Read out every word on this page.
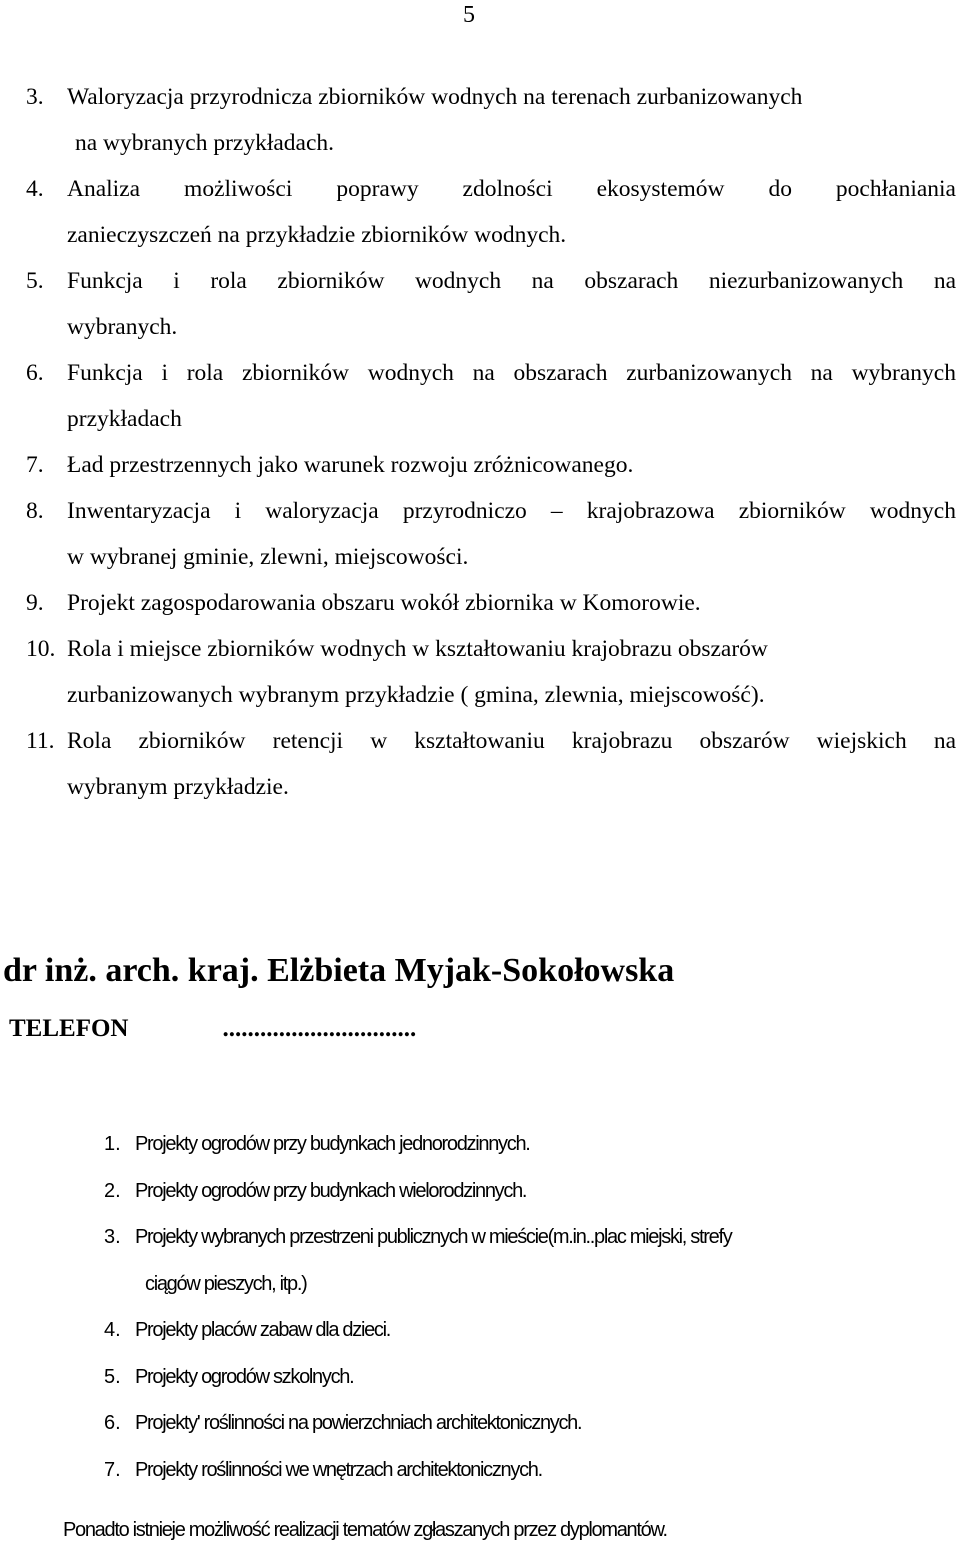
5
3. Waloryzacja przyrodnicza zbiorników wodnych na terenach zurbanizowanych
na wybranych przykładach.
4. Analiza możliwości poprawy zdolności ekosystemów do pochłaniania
zanieczyszczeń na przykładzie zbiorników wodnych.
5. Funkcja i rola zbiorników wodnych na obszarach niezurbanizowanych na
wybranych.
6. Funkcja i rola zbiorników wodnych na obszarach zurbanizowanych na wybranych
przykładach
7. Ład przestrzennych jako warunek rozwoju zróżnicowanego.
8. Inwentaryzacja i waloryzacja przyrodniczo – krajobrazowa zbiorników wodnych
w wybranej gminie, zlewni, miejscowości.
9. Projekt zagospodarowania obszaru wokół zbiornika w Komorowie.
10. Rola i miejsce zbiorników wodnych w kształtowaniu krajobrazu obszarów
zurbanizowanych wybranym przykładzie ( gmina, zlewnia, miejscowość).
11. Rola zbiorników retencji w kształtowaniu krajobrazu obszarów wiejskich na
wybranym przykładzie.
dr inż. arch. kraj. Elżbieta Myjak-Sokołowska
TELEFON	...............................
1. Projekty ogrodów przy budynkach jednorodzinnych.
2. Projekty ogrodów przy budynkach wielorodzinnych.
3. Projekty wybranych przestrzeni publicznych w mieście(m.in..plac miejski, strefy
ciągów pieszych, itp.)
4. Projekty placów zabaw dla dzieci.
5. Projekty ogrodów szkolnych.
6. Projekty' roślinności na powierzchniach architektonicznych.
7. Projekty roślinności we wnętrzach architektonicznych.
Ponadto istnieje możliwość realizacji tematów zgłaszanych przez dyplomantów.
